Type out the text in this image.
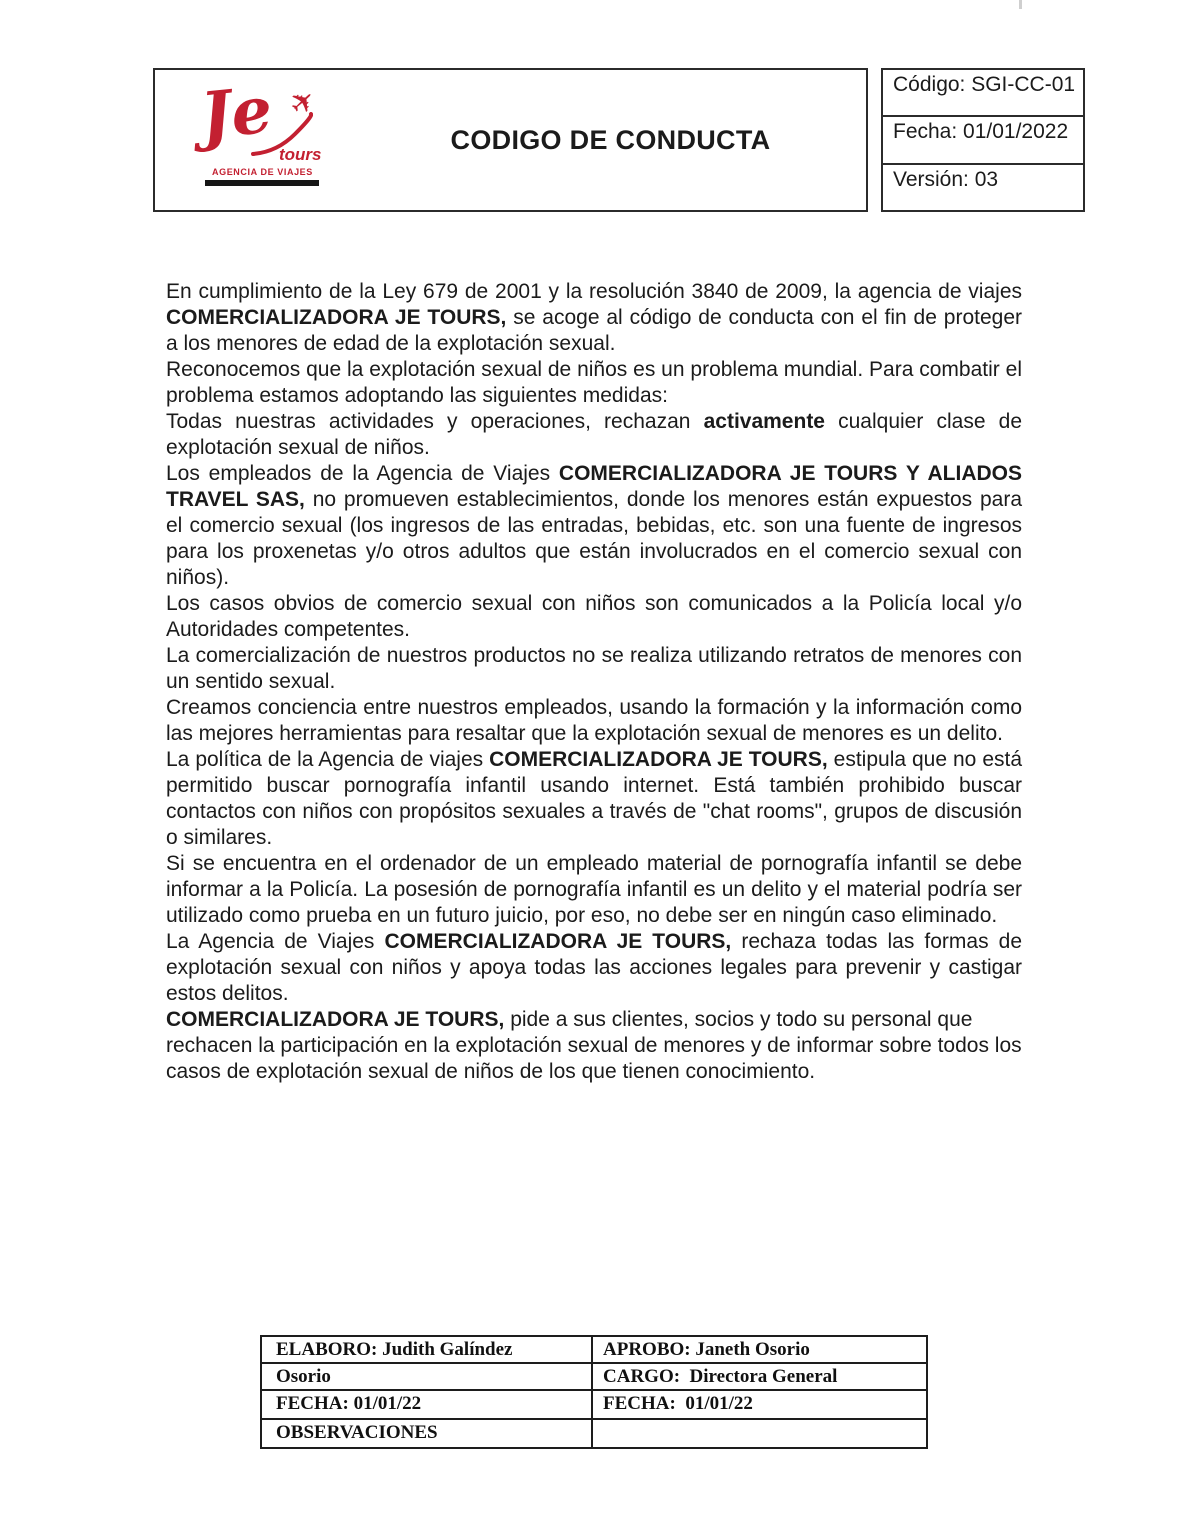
Je ✈
tours
AGENCIA DE VIAJES
CODIGO DE CONDUCTA
Código: SGI-CC-01
Fecha: 01/01/2022
Versión: 03

En cumplimiento de la Ley 679 de 2001 y la resolución 3840 de 2009, la agencia de viajes COMERCIALIZADORA JE TOURS, se acoge al código de conducta con el fin de proteger a los menores de edad de la explotación sexual.

Reconocemos que la explotación sexual de niños es un problema mundial. Para combatir el problema estamos adoptando las siguientes medidas:

Todas nuestras actividades y operaciones, rechazan activamente cualquier clase de explotación sexual de niños.

Los empleados de la Agencia de Viajes COMERCIALIZADORA JE TOURS Y ALIADOS TRAVEL SAS, no promueven establecimientos, donde los menores están expuestos para el comercio sexual (los ingresos de las entradas, bebidas, etc. son una fuente de ingresos para los proxenetas y/o otros adultos que están involucrados en el comercio sexual con niños).

Los casos obvios de comercio sexual con niños son comunicados a la Policía local y/o Autoridades competentes.

La comercialización de nuestros productos no se realiza utilizando retratos de menores con un sentido sexual.

Creamos conciencia entre nuestros empleados, usando la formación y la información como las mejores herramientas para resaltar que la explotación sexual de menores es un delito.

La política de la Agencia de viajes COMERCIALIZADORA JE TOURS, estipula que no está permitido buscar pornografía infantil usando internet. Está también prohibido buscar contactos con niños con propósitos sexuales a través de "chat rooms", grupos de discusión o similares.

Si se encuentra en el ordenador de un empleado material de pornografía infantil se debe informar a la Policía. La posesión de pornografía infantil es un delito y el material podría ser utilizado como prueba en un futuro juicio, por eso, no debe ser en ningún caso eliminado.

La Agencia de Viajes COMERCIALIZADORA JE TOURS, rechaza todas las formas de explotación sexual con niños y apoya todas las acciones legales para prevenir y castigar estos delitos.

COMERCIALIZADORA JE TOURS, pide a sus clientes, socios y todo su personal que rechacen la participación en la explotación sexual de menores y de informar sobre todos los casos de explotación sexual de niños de los que tienen conocimiento.

ELABORO: Judith Galíndez	APROBO: Janeth Osorio
Osorio	CARGO:  Directora General
FECHA: 01/01/22	FECHA:  01/01/22
OBSERVACIONES
